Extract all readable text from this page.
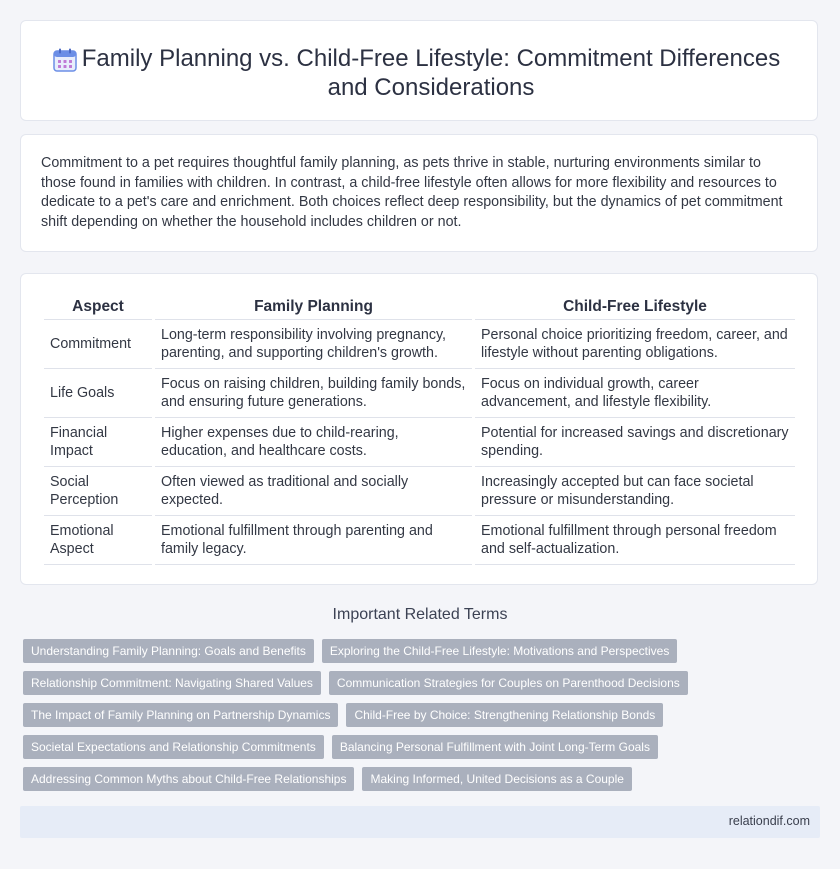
Family Planning vs. Child-Free Lifestyle: Commitment Differences and Considerations

Commitment to a pet requires thoughtful family planning, as pets thrive in stable, nurturing environments similar to those found in families with children. In contrast, a child-free lifestyle often allows for more flexibility and resources to dedicate to a pet's care and enrichment. Both choices reflect deep responsibility, but the dynamics of pet commitment shift depending on whether the household includes children or not.

Aspect	Family Planning	Child-Free Lifestyle
Commitment	Long-term responsibility involving pregnancy, parenting, and supporting children's growth.	Personal choice prioritizing freedom, career, and lifestyle without parenting obligations.
Life Goals	Focus on raising children, building family bonds, and ensuring future generations.	Focus on individual growth, career advancement, and lifestyle flexibility.
Financial Impact	Higher expenses due to child-rearing, education, and healthcare costs.	Potential for increased savings and discretionary spending.
Social Perception	Often viewed as traditional and socially expected.	Increasingly accepted but can face societal pressure or misunderstanding.
Emotional Aspect	Emotional fulfillment through parenting and family legacy.	Emotional fulfillment through personal freedom and self-actualization.
Important Related Terms
Understanding Family Planning: Goals and Benefits	Exploring the Child-Free Lifestyle: Motivations and Perspectives
Relationship Commitment: Navigating Shared Values	Communication Strategies for Couples on Parenthood Decisions
The Impact of Family Planning on Partnership Dynamics	Child-Free by Choice: Strengthening Relationship Bonds
Societal Expectations and Relationship Commitments	Balancing Personal Fulfillment with Joint Long-Term Goals
Addressing Common Myths about Child-Free Relationships	Making Informed, United Decisions as a Couple
relationdif.com
